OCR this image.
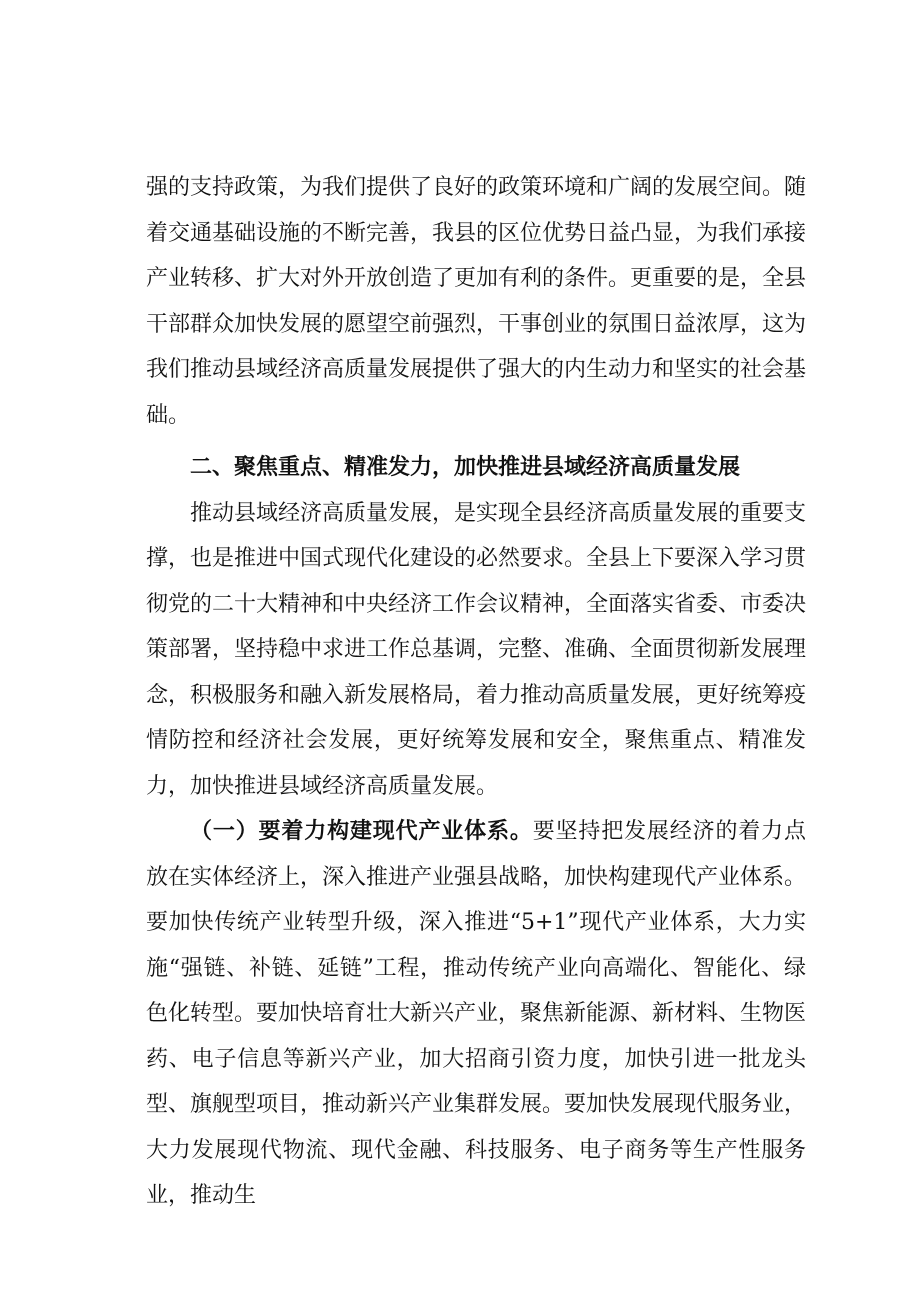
强的支持政策，为我们提供了良好的政策环境和广阔的发展空间。随着交通基础设施的不断完善，我县的区位优势日益凸显，为我们承接产业转移、扩大对外开放创造了更加有利的条件。更重要的是，全县干部群众加快发展的愿望空前强烈，干事创业的氛围日益浓厚，这为我们推动县域经济高质量发展提供了强大的内生动力和坚实的社会基础。

二、聚焦重点、精准发力，加快推进县域经济高质量发展

推动县域经济高质量发展，是实现全县经济高质量发展的重要支撑，也是推进中国式现代化建设的必然要求。全县上下要深入学习贯彻党的二十大精神和中央经济工作会议精神，全面落实省委、市委决策部署，坚持稳中求进工作总基调，完整、准确、全面贯彻新发展理念，积极服务和融入新发展格局，着力推动高质量发展，更好统筹疫情防控和经济社会发展，更好统筹发展和安全，聚焦重点、精准发力，加快推进县域经济高质量发展。

（一）要着力构建现代产业体系。要坚持把发展经济的着力点放在实体经济上，深入推进产业强县战略，加快构建现代产业体系。要加快传统产业转型升级，深入推进“5+1”现代产业体系，大力实施“强链、补链、延链”工程，推动传统产业向高端化、智能化、绿色化转型。要加快培育壮大新兴产业，聚焦新能源、新材料、生物医药、电子信息等新兴产业，加大招商引资力度，加快引进一批龙头型、旗舰型项目，推动新兴产业集群发展。要加快发展现代服务业，大力发展现代物流、现代金融、科技服务、电子商务等生产性服务业，推动生
